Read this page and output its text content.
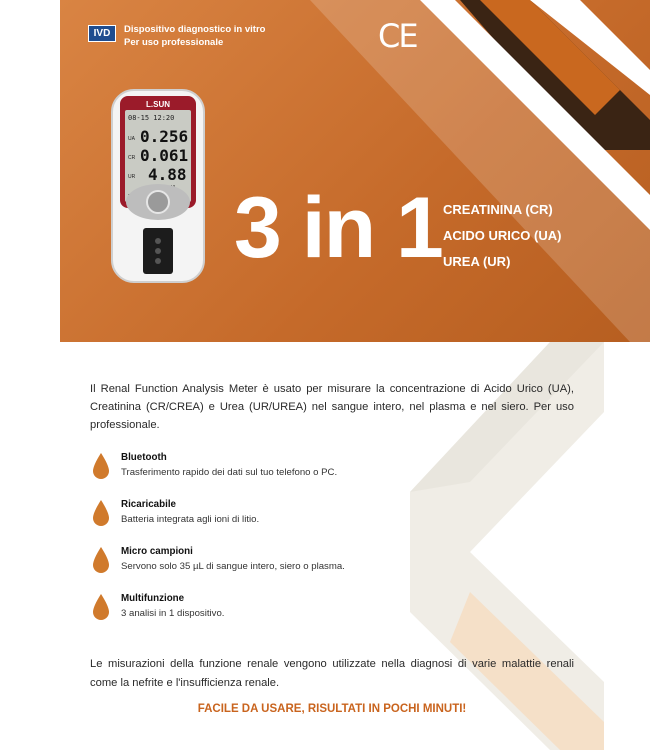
IVD	Dispositivo diagnostico in vitro
Per uso professionale	CE
L.SUN
08-15 12:20
UA 0.256
CR 0.061
UR 4.88
3 in 1 CREATININA (CR)
ACIDO URICO (UA)
UREA (UR)
Il Renal Function Analysis Meter è usato per misurare la concentrazione di Acido Urico (UA), Creatinina (CR/CREA) e Urea (UR/UREA) nel sangue intero, nel plasma e nel siero. Per uso professionale.
Bluetooth
Trasferimento rapido dei dati sul tuo telefono o PC.
Ricaricabile
Batteria integrata agli ioni di litio.
Micro campioni
Servono solo 35 µL di sangue intero, siero o plasma.
Multifunzione
3 analisi in 1 dispositivo.
Le misurazioni della funzione renale vengono utilizzate nella diagnosi di varie malattie renali come la nefrite e l'insufficienza renale.
FACILE DA USARE, RISULTATI IN POCHI MINUTI!
